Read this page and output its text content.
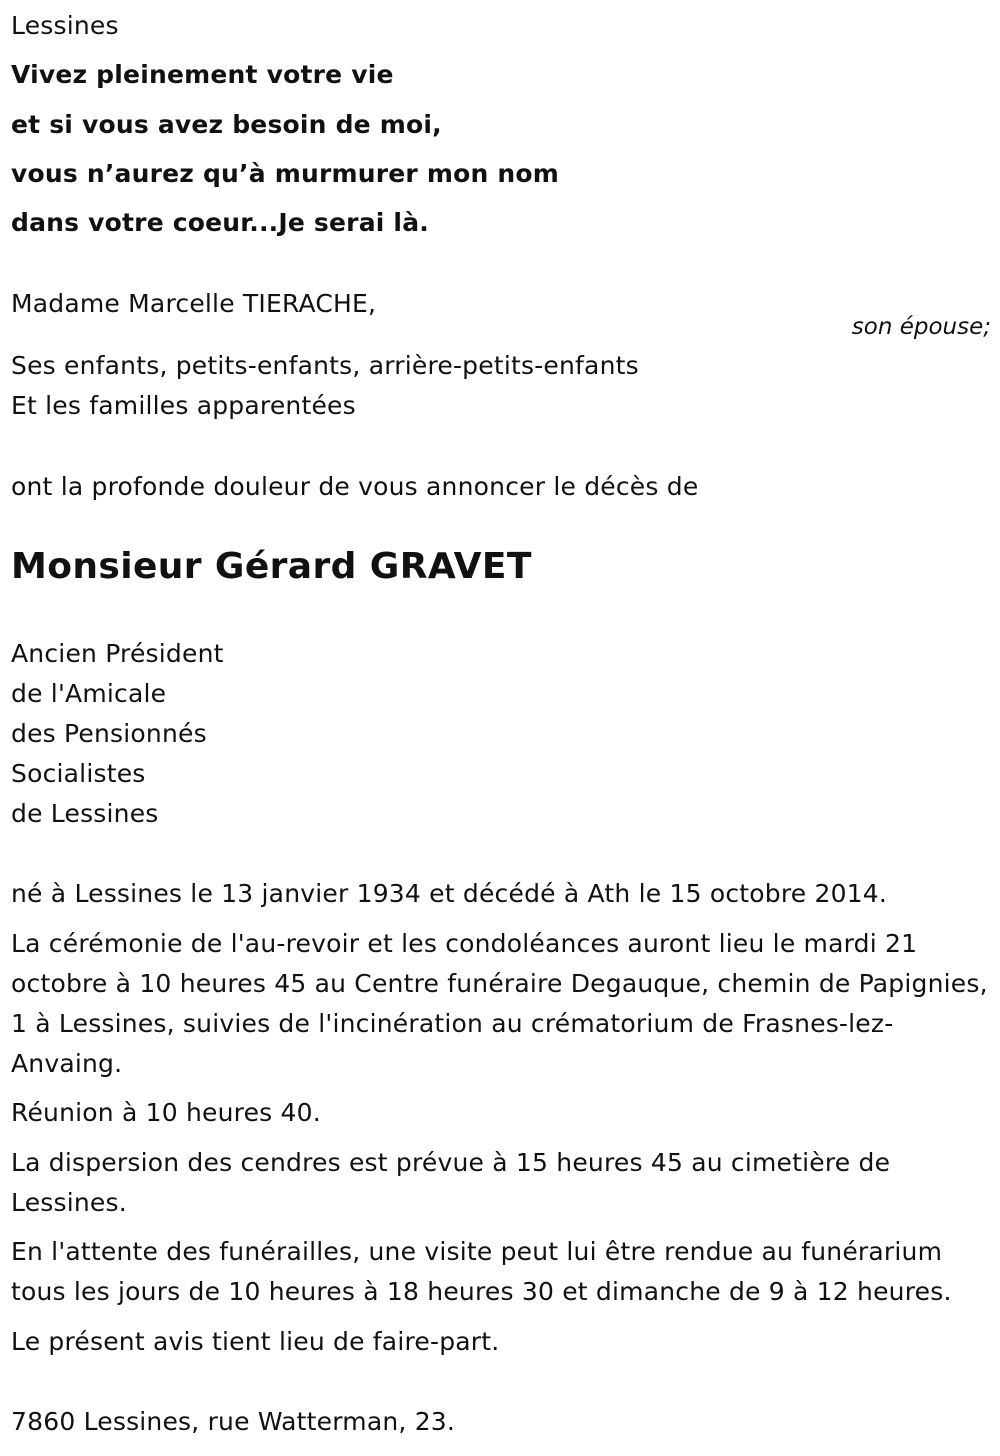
Lessines
Vivez pleinement votre vie
et si vous avez besoin de moi,
vous n’aurez qu’à murmurer mon nom
dans votre coeur...Je serai là.
Madame Marcelle TIERACHE,
son épouse;
Ses enfants, petits-enfants, arrière-petits-enfants
Et les familles apparentées
ont la profonde douleur de vous annoncer le décès de
Monsieur Gérard GRAVET
Ancien Président
de l'Amicale
des Pensionnés
Socialistes
de Lessines
né à Lessines le 13 janvier 1934 et décédé à Ath le 15 octobre 2014.
La cérémonie de l'au-revoir et les condoléances auront lieu le mardi 21 octobre à 10 heures 45 au Centre funéraire Degauque, chemin de Papignies, 1 à Lessines, suivies de l'incinération au crématorium de Frasnes-lez-Anvaing.
Réunion à 10 heures 40.
La dispersion des cendres est prévue à 15 heures 45 au cimetière de Lessines.
En l'attente des funérailles, une visite peut lui être rendue au funérarium tous les jours de 10 heures à 18 heures 30 et dimanche de 9 à 12 heures.
Le présent avis tient lieu de faire-part.
7860 Lessines, rue Watterman, 23.
